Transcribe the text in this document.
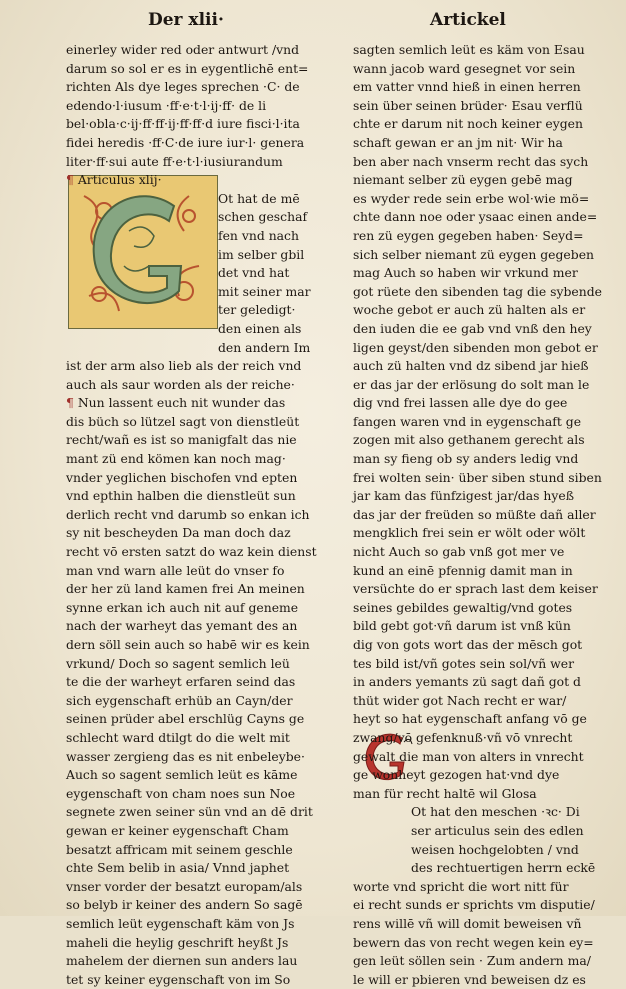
Der xlii·	Artickel
einerley wider red oder antwurt /vnd
darum so sol er es in eygentlichē ent=
richten Als dye leges sprechen ·C· de
edendo·l·iusum ·ff·e·t·l·ij·ff· de li
bel·obla·c·ij·ff·ff·ij·ff·ff·d iure fisci·l·ita
fidei heredis ·ff·C·de iure iur·l· genera
liter·ff·sui aute ff·e·t·l·iusiurandum
¶ Articulus xlij·
Ot hat de mē
schen geschaf
fen vnd nach
im selber gbil
det vnd hat
mit seiner mar
ter geledigt·
den einen als
den andern Im
ist der arm also lieb als der reich vnd
auch als saur worden als der reiche·
¶ Nun lassent euch nit wunder das
dis büch so lützel sagt von dienstleüt
recht/wañ es ist so manigfalt das nie
mant zü end kömen kan noch mag·
vnder yeglichen bischofen vnd epten
vnd epthin halben die dienstleüt sun
derlich recht vnd darumb so enkan ich
sy nit bescheyden Da man doch daz
recht vō ersten satzt do waz kein dienst
man vnd warn alle leüt do vnser fo
der her zü land kamen frei An meinen
synne erkan ich auch nit auf geneme
nach der warheyt das yemant des an
dern söll sein auch so habē wir es kein
vrkund/ Doch so sagent semlich leü
te die der warheyt erfaren seind das
sich eygenschaft erhüb an Cayn/der
seinen prüder abel erschlüg Cayns ge
schlecht ward dtilgt do die welt mit
wasser zergieng das es nit enbeleybe·
Auch so sagent semlich leüt es kāme
eygenschaft von cham noes sun Noe
segnete zwen seiner sün vnd an dē drit
gewan er keiner eygenschaft Cham
besatzt affricam mit seinem geschle
chte Sem belib in asia/ Vnnd japhet
vnser vorder der besatzt europam/als
so belyb ir keiner des andern So sagē
semlich leüt eygenschaft käm von Js
maheli die heylig geschrift heyßt Js
mahelem der diernen sun anders lau
tet sy keiner eygenschaft von im So
sagten semlich leüt es käm von Esau
wann jacob ward gesegnet vor sein
em vatter vnnd hieß in einen herren
sein über seinen brüder· Esau verflü
chte er darum nit noch keiner eygen
schaft gewan er an jm nit· Wir ha
ben aber nach vnserm recht das sych
niemant selber zü eygen gebē mag
es wyder rede sein erbe wol·wie mö=
chte dann noe oder ysaac einen ande=
ren zü eygen gegeben haben· Seyd=
sich selber niemant zü eygen gegeben
mag Auch so haben wir vrkund mer
got rüete den sibenden tag die sybende
woche gebot er auch zü halten als er
den iuden die ee gab vnd vnß den hey
ligen geyst/den sibenden mon gebot er
auch zü halten vnd dz sibend jar hieß
er das jar der erlösung do solt man le
dig vnd frei lassen alle dye do gee
fangen waren vnd in eygenschaft ge
zogen mit also gethanem gerecht als
man sy fieng ob sy anders ledig vnd
frei wolten sein· über siben stund siben
jar kam das fünfzigest jar/das hyeß
das jar der freüden so müßte dañ aller
mengklich frei sein er wölt oder wölt
nicht Auch so gab vnß got mer ve
kund an einē pfennig damit man in
versüchte do er sprach last dem keiser
seines gebildes gewaltig/vnd gotes
bild gebt got·vñ darum ist vnß kün
dig von gots wort das der mēsch got
tes bild ist/vñ gotes sein sol/vñ wer
in anders yemants zü sagt dañ got d
thüt wider got Nach recht er war/
heyt so hat eygenschaft anfang vō ge
zwang/vō gefenknuß·vñ vō vnrecht
gewalt die man von alters in vnrecht
ge wonheyt gezogen hat·vnd dye
man für recht haltē wil Glosa
Ot hat den meschen ·ꝛc· Di
ser articulus sein des edlen
weisen hochgelobten / vnd
des rechtuertigen herrn eckē
worte vnd spricht die wort nitt für
ei recht sunds er sprichts vm disputie/
rens willē vñ will domit beweisen vñ
bewern das von recht wegen kein ey=
gen leüt söllen sein · Zum andern ma/
le will er pbieren vnd beweisen dz es
